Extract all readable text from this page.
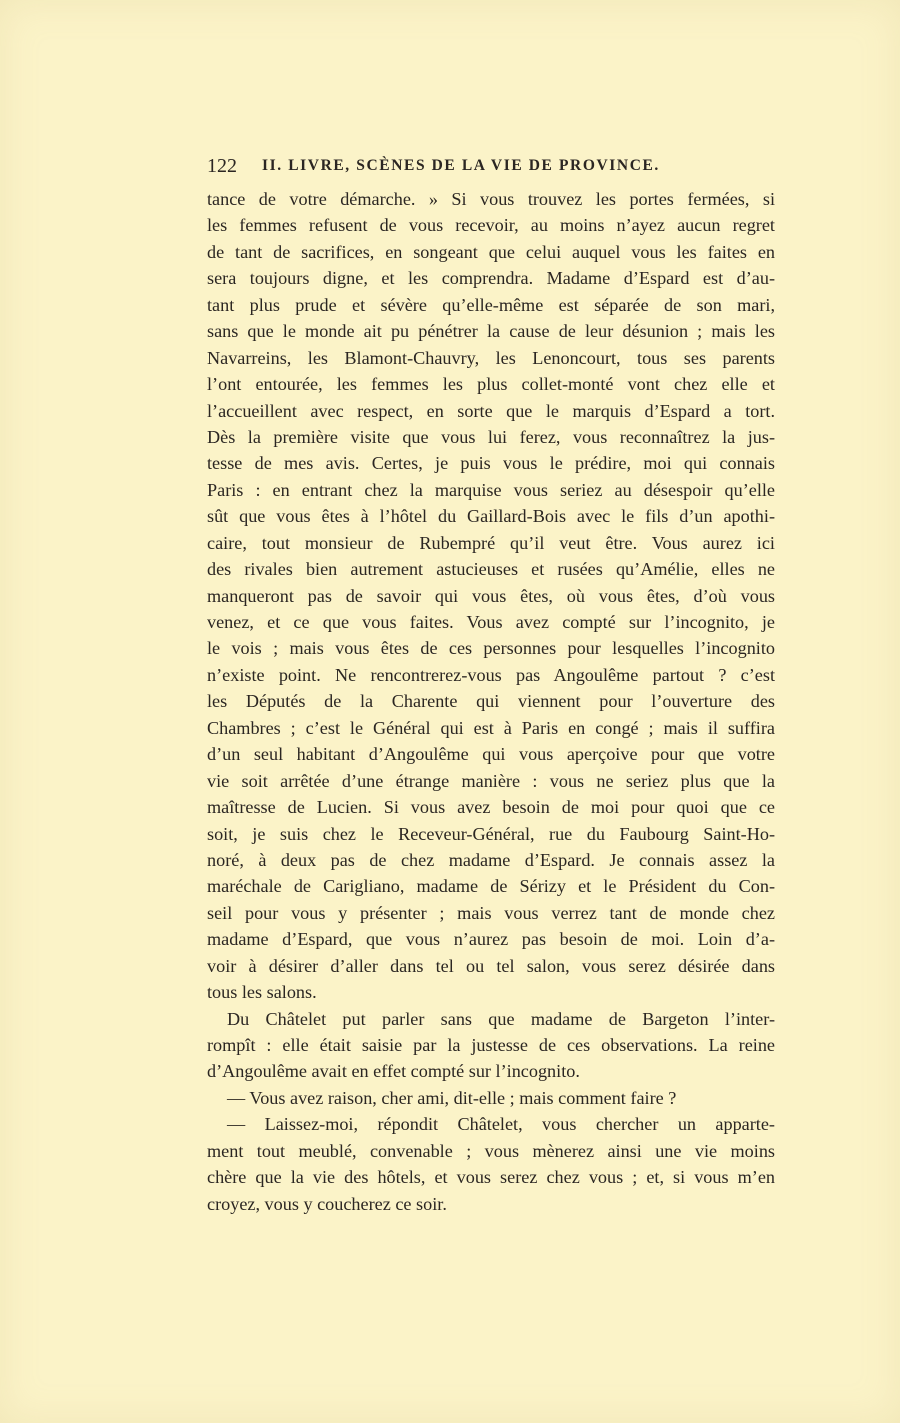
122 II. LIVRE, SCÈNES DE LA VIE DE PROVINCE.
tance de votre démarche. » Si vous trouvez les portes fermées, si
les femmes refusent de vous recevoir, au moins n’ayez aucun regret
de tant de sacrifices, en songeant que celui auquel vous les faites en
sera toujours digne, et les comprendra. Madame d’Espard est d’au-
tant plus prude et sévère qu’elle-même est séparée de son mari,
sans que le monde ait pu pénétrer la cause de leur désunion ; mais les
Navarreins, les Blamont-Chauvry, les Lenoncourt, tous ses parents
l’ont entourée, les femmes les plus collet-monté vont chez elle et
l’accueillent avec respect, en sorte que le marquis d’Espard a tort.
Dès la première visite que vous lui ferez, vous reconnaîtrez la jus-
tesse de mes avis. Certes, je puis vous le prédire, moi qui connais
Paris : en entrant chez la marquise vous seriez au désespoir qu’elle
sût que vous êtes à l’hôtel du Gaillard-Bois avec le fils d’un apothi-
caire, tout monsieur de Rubempré qu’il veut être. Vous aurez ici
des rivales bien autrement astucieuses et rusées qu’Amélie, elles ne
manqueront pas de savoir qui vous êtes, où vous êtes, d’où vous
venez, et ce que vous faites. Vous avez compté sur l’incognito, je
le vois ; mais vous êtes de ces personnes pour lesquelles l’incognito
n’existe point. Ne rencontrerez-vous pas Angoulême partout ? c’est
les Députés de la Charente qui viennent pour l’ouverture des
Chambres ; c’est le Général qui est à Paris en congé ; mais il suffira
d’un seul habitant d’Angoulême qui vous aperçoive pour que votre
vie soit arrêtée d’une étrange manière : vous ne seriez plus que la
maîtresse de Lucien. Si vous avez besoin de moi pour quoi que ce
soit, je suis chez le Receveur-Général, rue du Faubourg Saint-Ho-
noré, à deux pas de chez madame d’Espard. Je connais assez la
maréchale de Carigliano, madame de Sérizy et le Président du Con-
seil pour vous y présenter ; mais vous verrez tant de monde chez
madame d’Espard, que vous n’aurez pas besoin de moi. Loin d’a-
voir à désirer d’aller dans tel ou tel salon, vous serez désirée dans
tous les salons.
Du Châtelet put parler sans que madame de Bargeton l’inter-
rompît : elle était saisie par la justesse de ces observations. La reine
d’Angoulême avait en effet compté sur l’incognito.
— Vous avez raison, cher ami, dit-elle ; mais comment faire ?
— Laissez-moi, répondit Châtelet, vous chercher un apparte-
ment tout meublé, convenable ; vous mènerez ainsi une vie moins
chère que la vie des hôtels, et vous serez chez vous ; et, si vous m’en
croyez, vous y coucherez ce soir.
